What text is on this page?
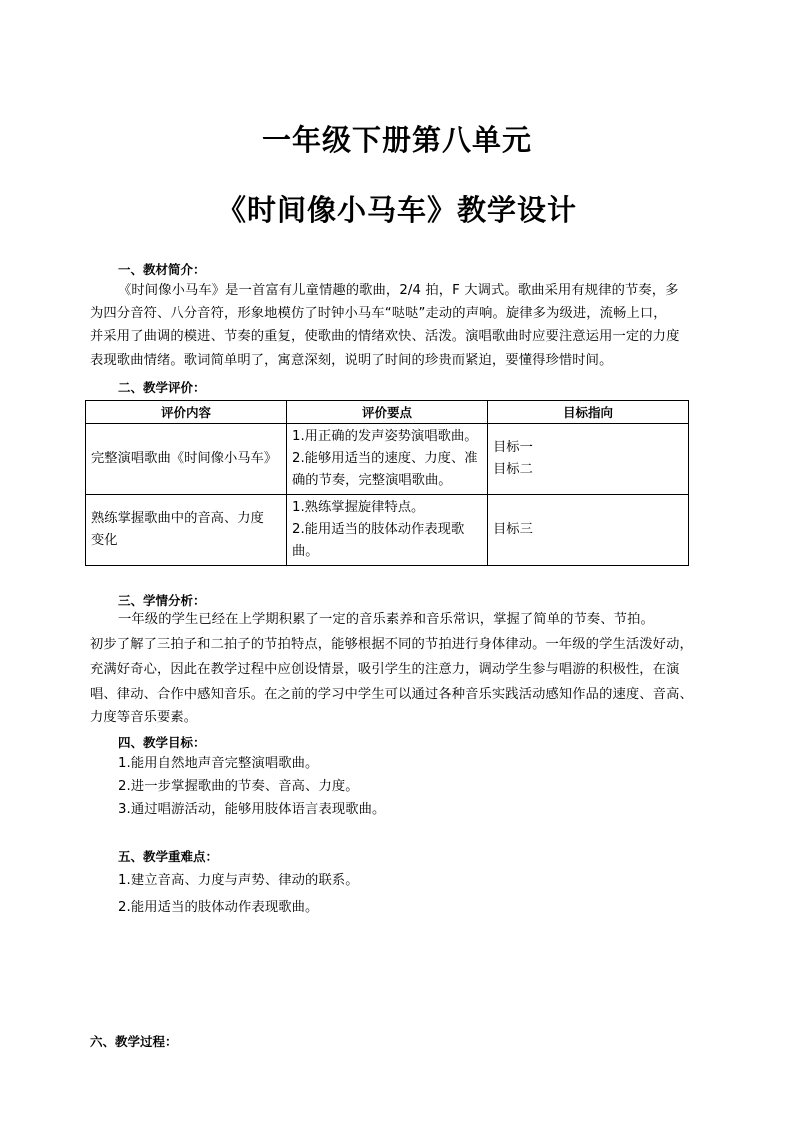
一年级下册第八单元
《时间像小马车》教学设计
一、教材简介：
《时间像小马车》是一首富有儿童情趣的歌曲，2/4 拍，F 大调式。歌曲采用有规律的节奏，多
为四分音符、八分音符，形象地模仿了时钟小马车“哒哒”走动的声响。旋律多为级进，流畅上口，
并采用了曲调的模进、节奏的重复，使歌曲的情绪欢快、活泼。演唱歌曲时应要注意运用一定的力度
表现歌曲情绪。歌词简单明了，寓意深刻，说明了时间的珍贵而紧迫，要懂得珍惜时间。
二、教学评价：
评价内容	评价要点	目标指向

完整演唱歌曲《时间像小马车》	1.用正确的发声姿势演唱歌曲。
2.能够用适当的速度、力度、准
确的节奏，完整演唱歌曲。	目标一
目标二

熟练掌握歌曲中的音高、力度
变化	1.熟练掌握旋律特点。
2.能用适当的肢体动作表现歌
曲。	目标三
三、学情分析：
一年级的学生已经在上学期积累了一定的音乐素养和音乐常识，掌握了简单的节奏、节拍。
初步了解了三拍子和二拍子的节拍特点，能够根据不同的节拍进行身体律动。一年级的学生活泼好动，
充满好奇心，因此在教学过程中应创设情景，吸引学生的注意力，调动学生参与唱游的积极性，在演
唱、律动、合作中感知音乐。在之前的学习中学生可以通过各种音乐实践活动感知作品的速度、音高、
力度等音乐要素。
四、教学目标：
1.能用自然地声音完整演唱歌曲。
2.进一步掌握歌曲的节奏、音高、力度。
3.通过唱游活动，能够用肢体语言表现歌曲。
五、教学重难点：
1.建立音高、力度与声势、律动的联系。
2.能用适当的肢体动作表现歌曲。
六、教学过程：
